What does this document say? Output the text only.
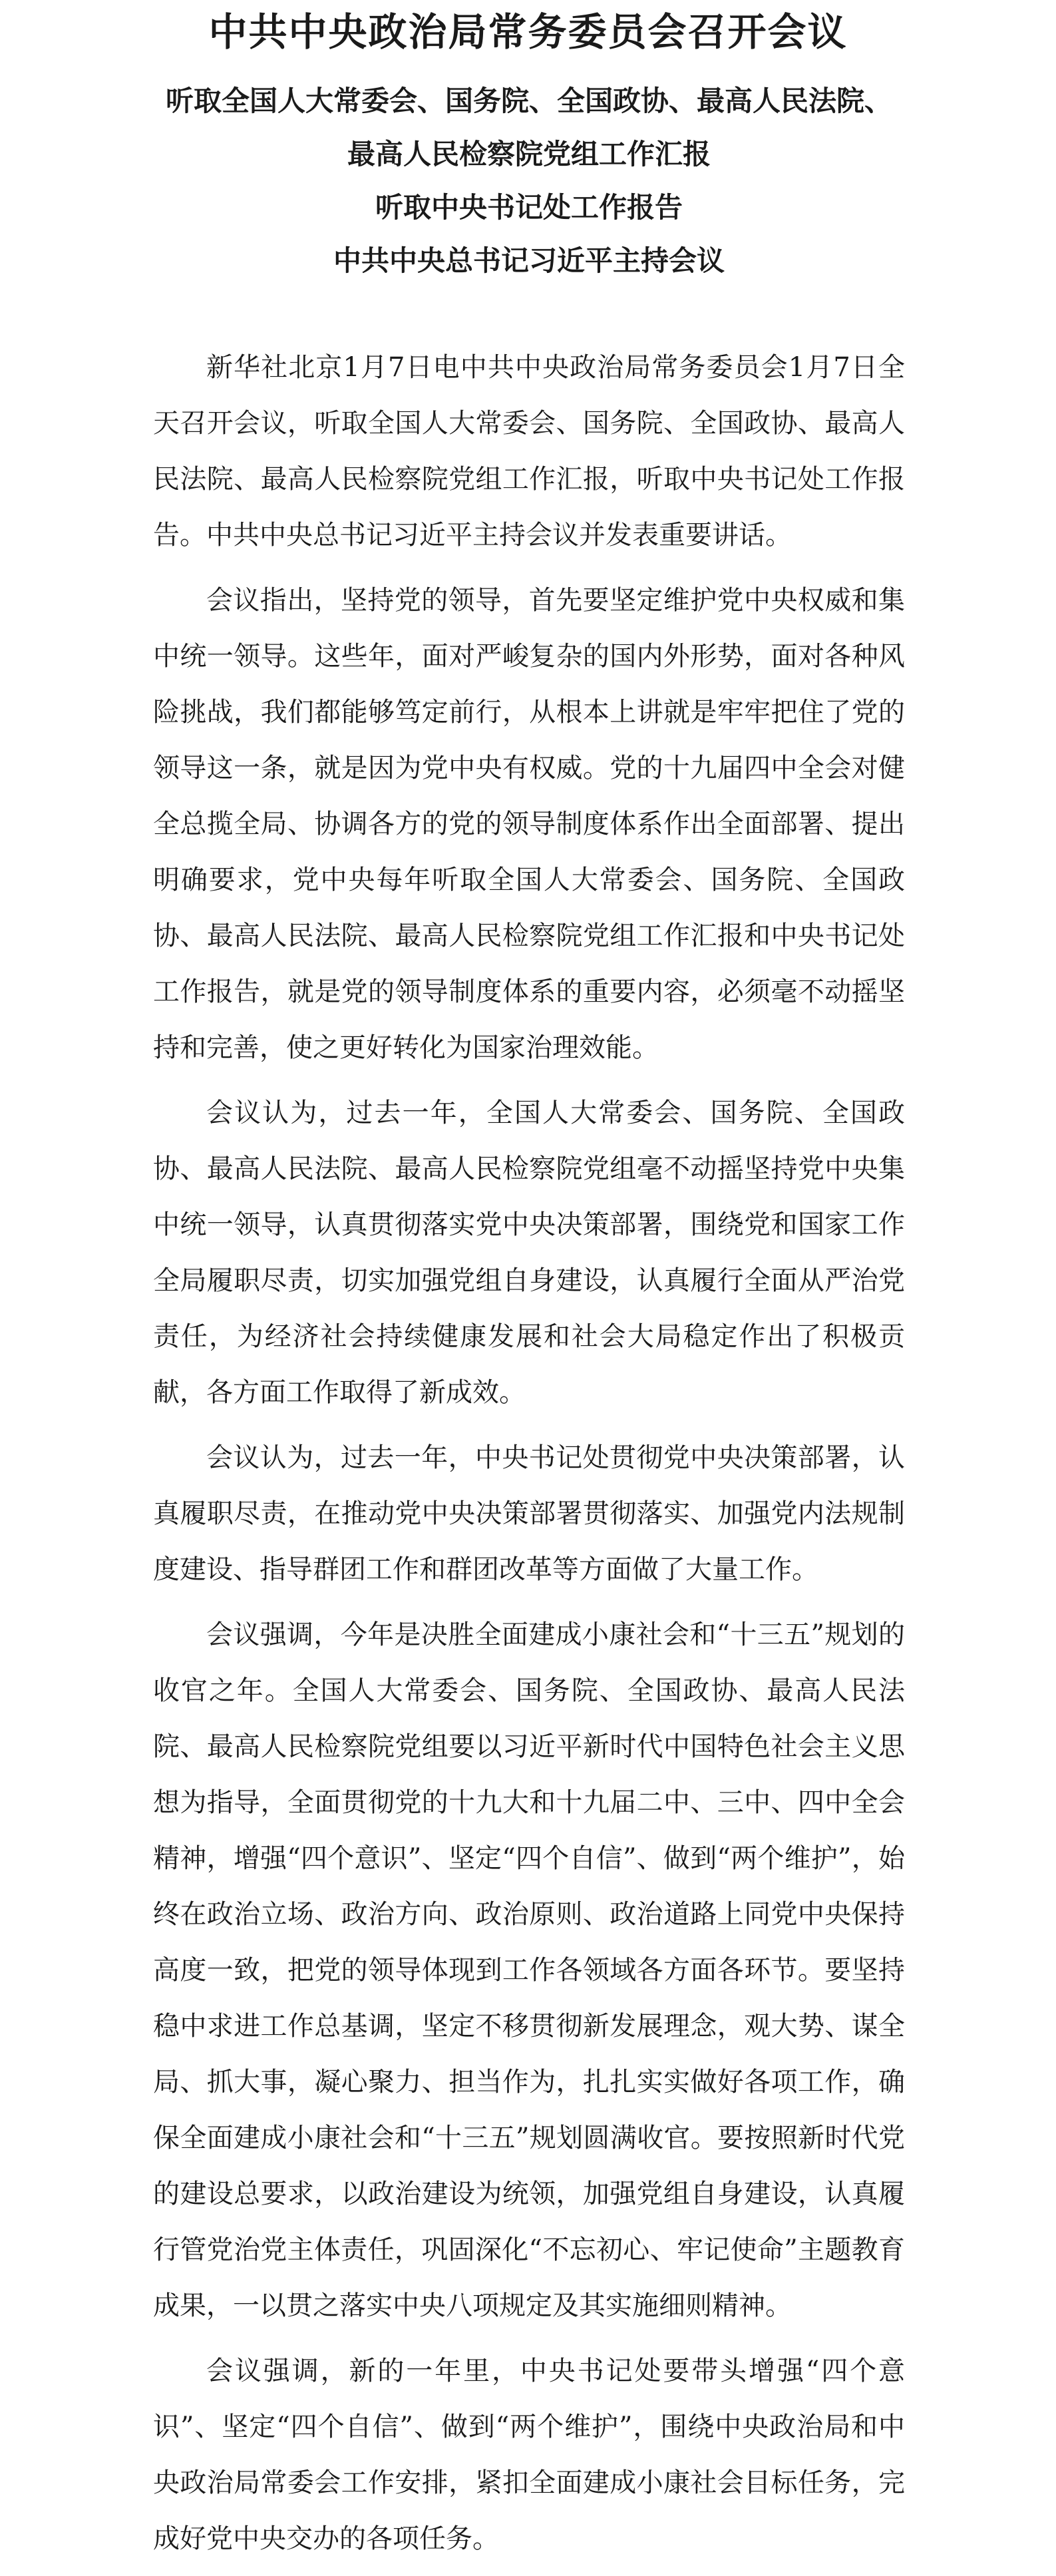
中共中央政治局常务委员会召开会议
听取全国人大常委会、国务院、全国政协、最高人民法院、最高人民检察院党组工作汇报
听取中央书记处工作报告
中共中央总书记习近平主持会议

新华社北京1月7日电中共中央政治局常务委员会1月7日全天召开会议，听取全国人大常委会、国务院、全国政协、最高人民法院、最高人民检察院党组工作汇报，听取中央书记处工作报告。中共中央总书记习近平主持会议并发表重要讲话。

会议指出，坚持党的领导，首先要坚定维护党中央权威和集中统一领导。这些年，面对严峻复杂的国内外形势，面对各种风险挑战，我们都能够笃定前行，从根本上讲就是牢牢把住了党的领导这一条，就是因为党中央有权威。党的十九届四中全会对健全总揽全局、协调各方的党的领导制度体系作出全面部署、提出明确要求，党中央每年听取全国人大常委会、国务院、全国政协、最高人民法院、最高人民检察院党组工作汇报和中央书记处工作报告，就是党的领导制度体系的重要内容，必须毫不动摇坚持和完善，使之更好转化为国家治理效能。

会议认为，过去一年，全国人大常委会、国务院、全国政协、最高人民法院、最高人民检察院党组毫不动摇坚持党中央集中统一领导，认真贯彻落实党中央决策部署，围绕党和国家工作全局履职尽责，切实加强党组自身建设，认真履行全面从严治党责任，为经济社会持续健康发展和社会大局稳定作出了积极贡献，各方面工作取得了新成效。

会议认为，过去一年，中央书记处贯彻党中央决策部署，认真履职尽责，在推动党中央决策部署贯彻落实、加强党内法规制度建设、指导群团工作和群团改革等方面做了大量工作。

会议强调，今年是决胜全面建成小康社会和“十三五”规划的收官之年。全国人大常委会、国务院、全国政协、最高人民法院、最高人民检察院党组要以习近平新时代中国特色社会主义思想为指导，全面贯彻党的十九大和十九届二中、三中、四中全会精神，增强“四个意识”、坚定“四个自信”、做到“两个维护”，始终在政治立场、政治方向、政治原则、政治道路上同党中央保持高度一致，把党的领导体现到工作各领域各方面各环节。要坚持稳中求进工作总基调，坚定不移贯彻新发展理念，观大势、谋全局、抓大事，凝心聚力、担当作为，扎扎实实做好各项工作，确保全面建成小康社会和“十三五”规划圆满收官。要按照新时代党的建设总要求，以政治建设为统领，加强党组自身建设，认真履行管党治党主体责任，巩固深化“不忘初心、牢记使命”主题教育成果，一以贯之落实中央八项规定及其实施细则精神。

会议强调，新的一年里，中央书记处要带头增强“四个意识”、坚定“四个自信”、做到“两个维护”，围绕中央政治局和中央政治局常委会工作安排，紧扣全面建成小康社会目标任务，完成好党中央交办的各项任务。
